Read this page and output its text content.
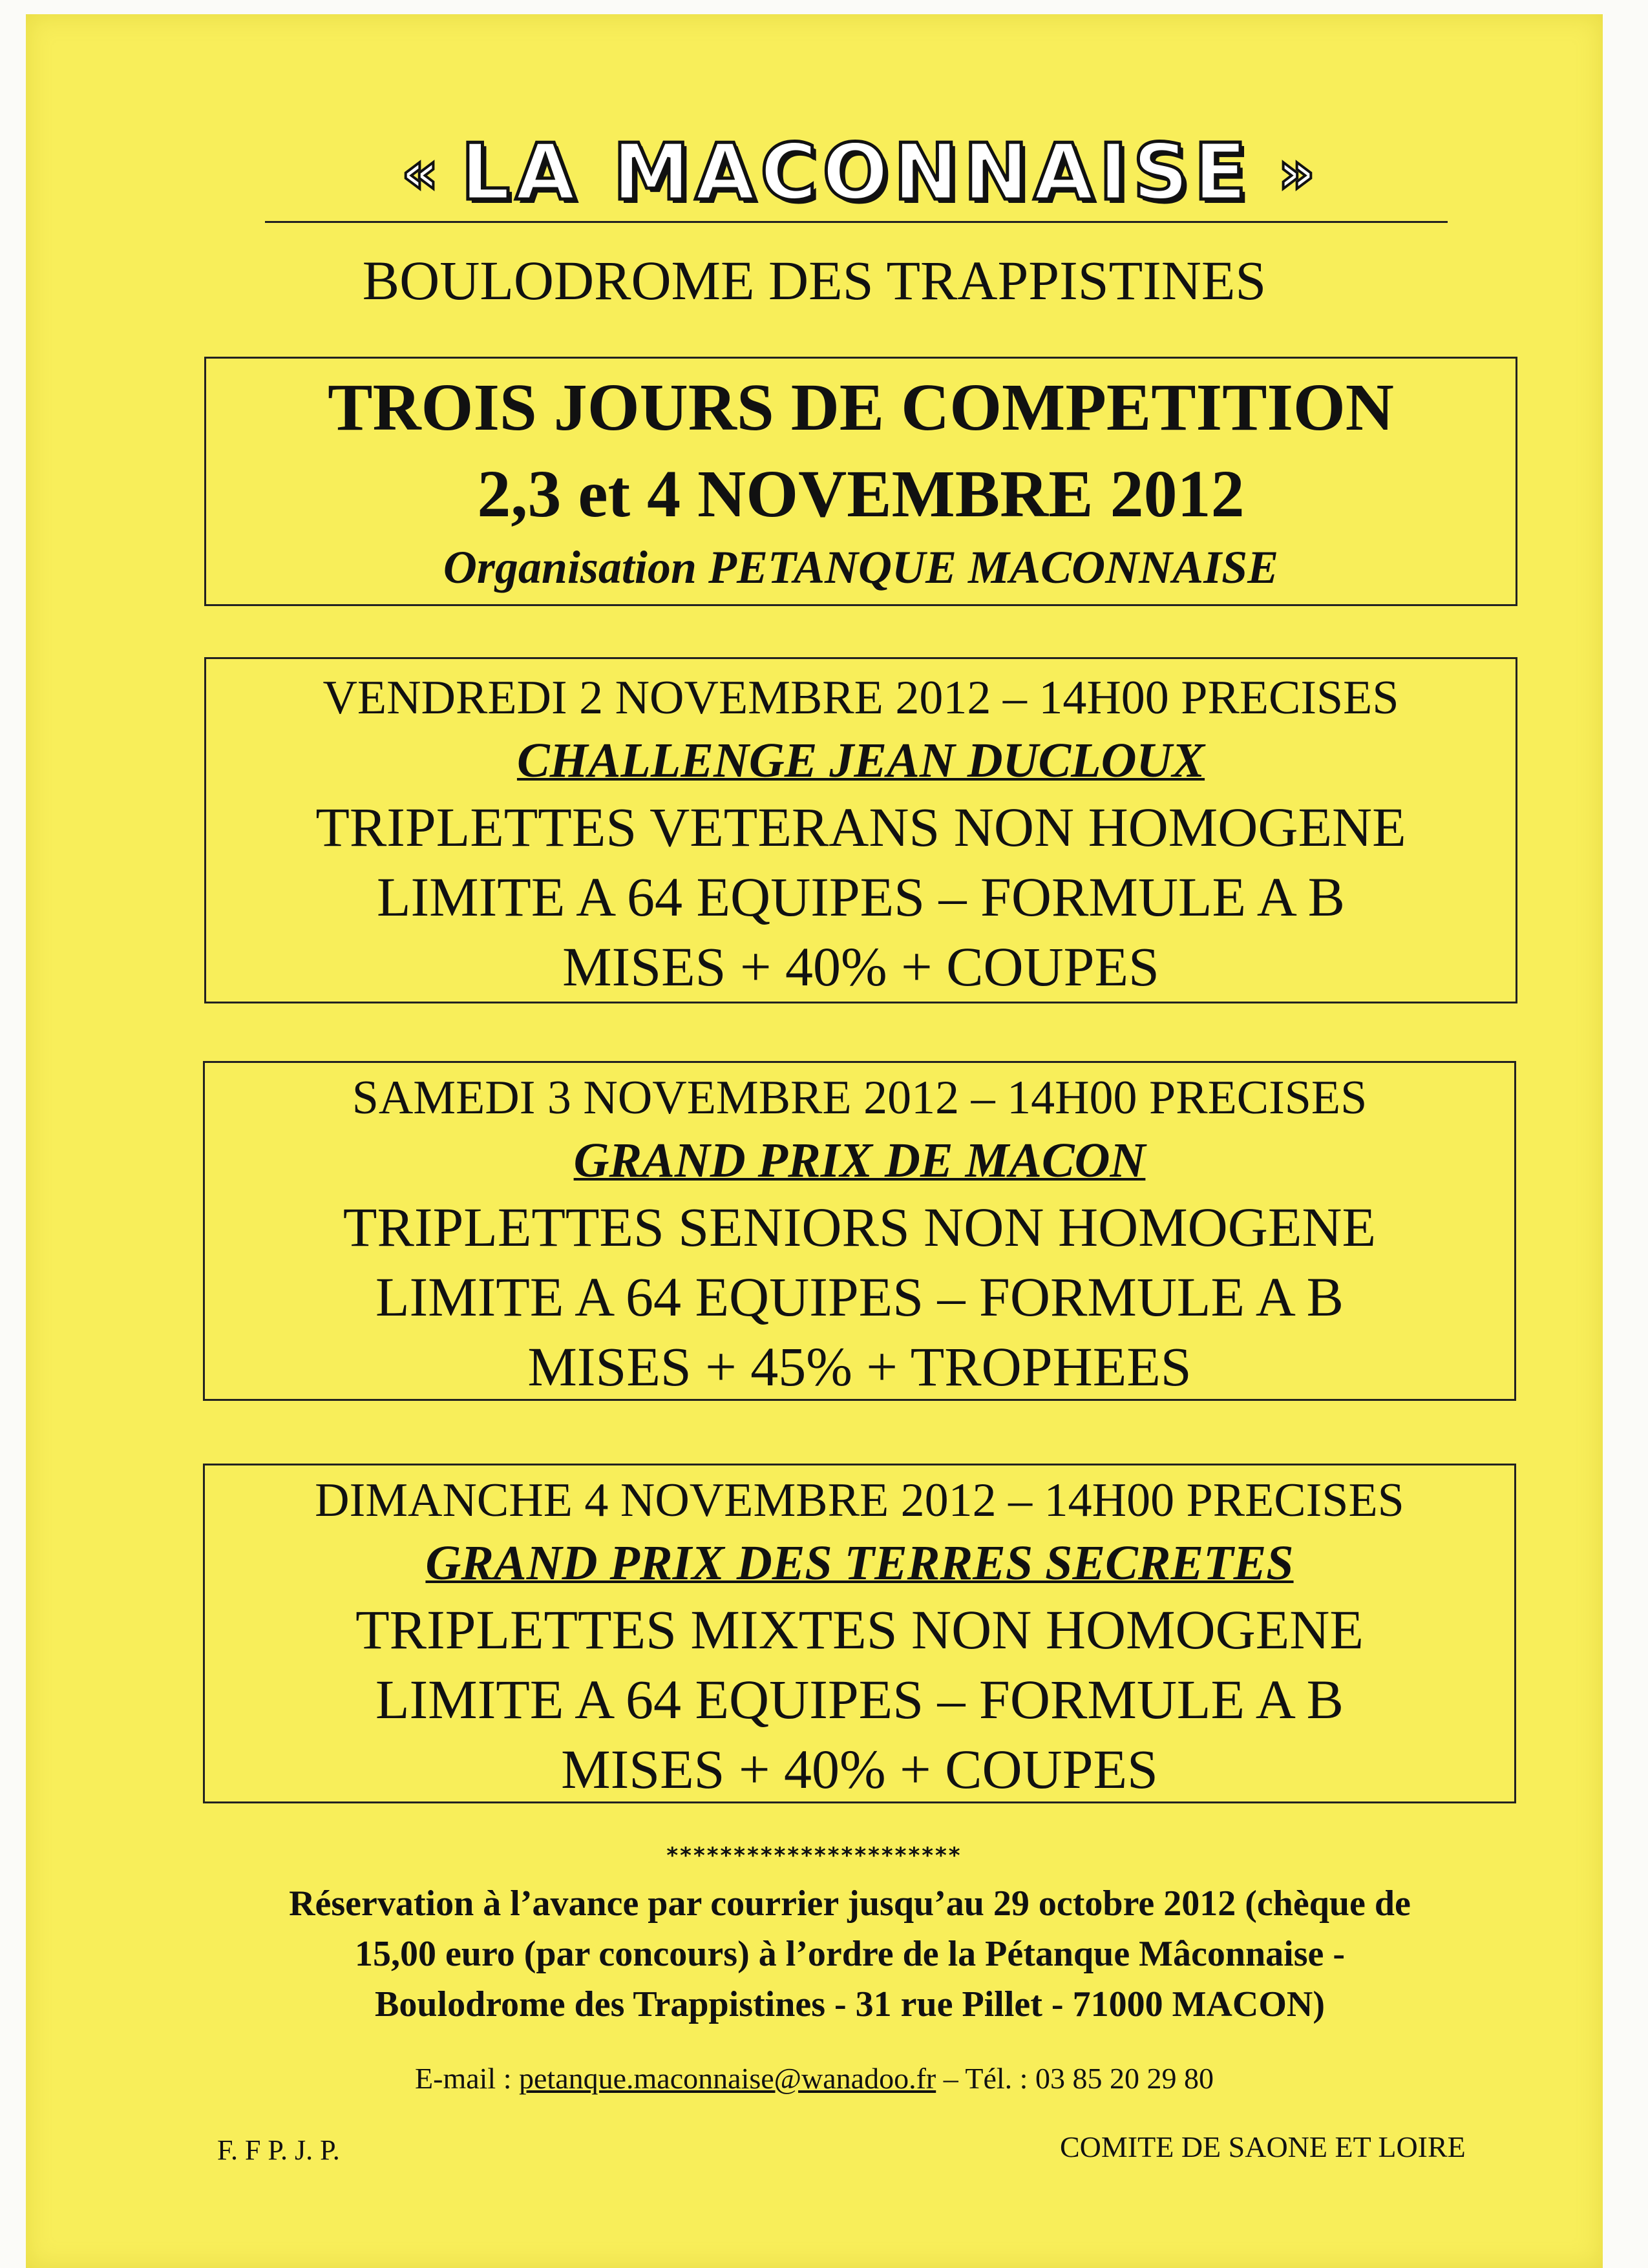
« LA MACONNAISE »
BOULODROME DES TRAPPISTINES
TROIS JOURS DE COMPETITION
2,3 et 4 NOVEMBRE 2012
Organisation PETANQUE MACONNAISE
VENDREDI 2 NOVEMBRE 2012 – 14H00 PRECISES
CHALLENGE JEAN DUCLOUX
TRIPLETTES VETERANS NON HOMOGENE
LIMITE A 64 EQUIPES – FORMULE A B
MISES + 40% + COUPES
SAMEDI 3 NOVEMBRE 2012 – 14H00 PRECISES
GRAND PRIX DE MACON
TRIPLETTES SENIORS NON HOMOGENE
LIMITE A 64 EQUIPES – FORMULE A B
MISES + 45% + TROPHEES
DIMANCHE 4 NOVEMBRE 2012 – 14H00 PRECISES
GRAND PRIX DES TERRES SECRETES
TRIPLETTES MIXTES NON HOMOGENE
LIMITE A 64 EQUIPES – FORMULE A B
MISES + 40% + COUPES
**********************
Réservation à l’avance par courrier jusqu’au 29 octobre 2012 (chèque de
15,00 euro (par concours) à l’ordre de la Pétanque Mâconnaise -
Boulodrome des Trappistines - 31 rue Pillet - 71000 MACON)
E-mail : petanque.maconnaise@wanadoo.fr – Tél. : 03 85 20 29 80
F. F P. J. P.	COMITE DE SAONE ET LOIRE
